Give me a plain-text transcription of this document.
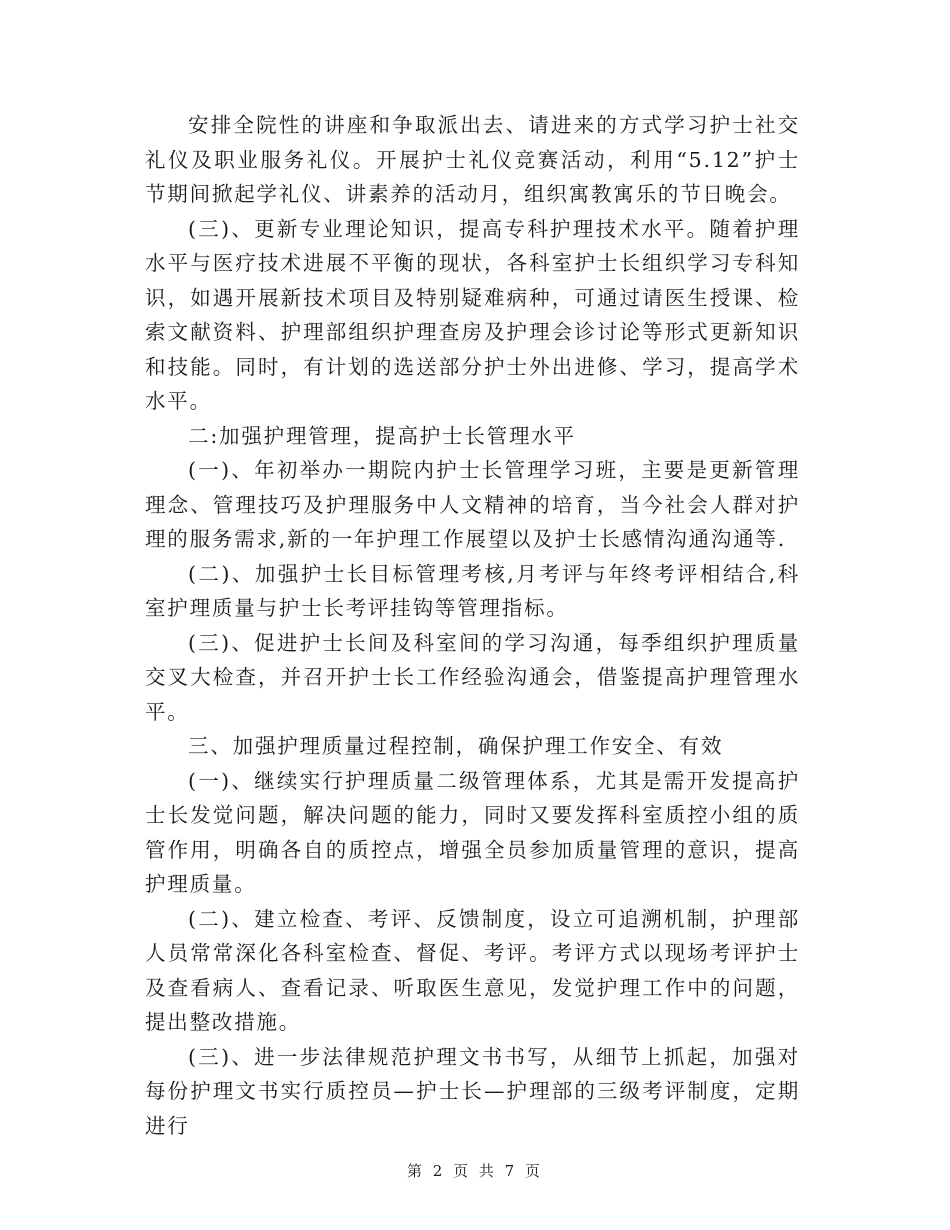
安排全院性的讲座和争取派出去、请进来的方式学习护士社交礼仪及职业服务礼仪。开展护士礼仪竞赛活动，利用“5.12”护士节期间掀起学礼仪、讲素养的活动月，组织寓教寓乐的节日晚会。

(三)、更新专业理论知识，提高专科护理技术水平。随着护理水平与医疗技术进展不平衡的现状，各科室护士长组织学习专科知识，如遇开展新技术项目及特别疑难病种，可通过请医生授课、检索文献资料、护理部组织护理查房及护理会诊讨论等形式更新知识和技能。同时，有计划的选送部分护士外出进修、学习，提高学术水平。

二:加强护理管理，提高护士长管理水平

(一)、年初举办一期院内护士长管理学习班，主要是更新管理理念、管理技巧及护理服务中人文精神的培育，当今社会人群对护理的服务需求,新的一年护理工作展望以及护士长感情沟通沟通等.

(二)、加强护士长目标管理考核,月考评与年终考评相结合,科室护理质量与护士长考评挂钩等管理指标。

(三)、促进护士长间及科室间的学习沟通，每季组织护理质量交叉大检查，并召开护士长工作经验沟通会，借鉴提高护理管理水平。

三、加强护理质量过程控制，确保护理工作安全、有效

(一)、继续实行护理质量二级管理体系，尤其是需开发提高护士长发觉问题，解决问题的能力，同时又要发挥科室质控小组的质管作用，明确各自的质控点，增强全员参加质量管理的意识，提高护理质量。

(二)、建立检查、考评、反馈制度，设立可追溯机制，护理部人员常常深化各科室检查、督促、考评。考评方式以现场考评护士及查看病人、查看记录、听取医生意见，发觉护理工作中的问题，提出整改措施。

(三)、进一步法律规范护理文书书写，从细节上抓起，加强对每份护理文书实行质控员—护士长—护理部的三级考评制度，定期进行

第 2 页 共 7 页
